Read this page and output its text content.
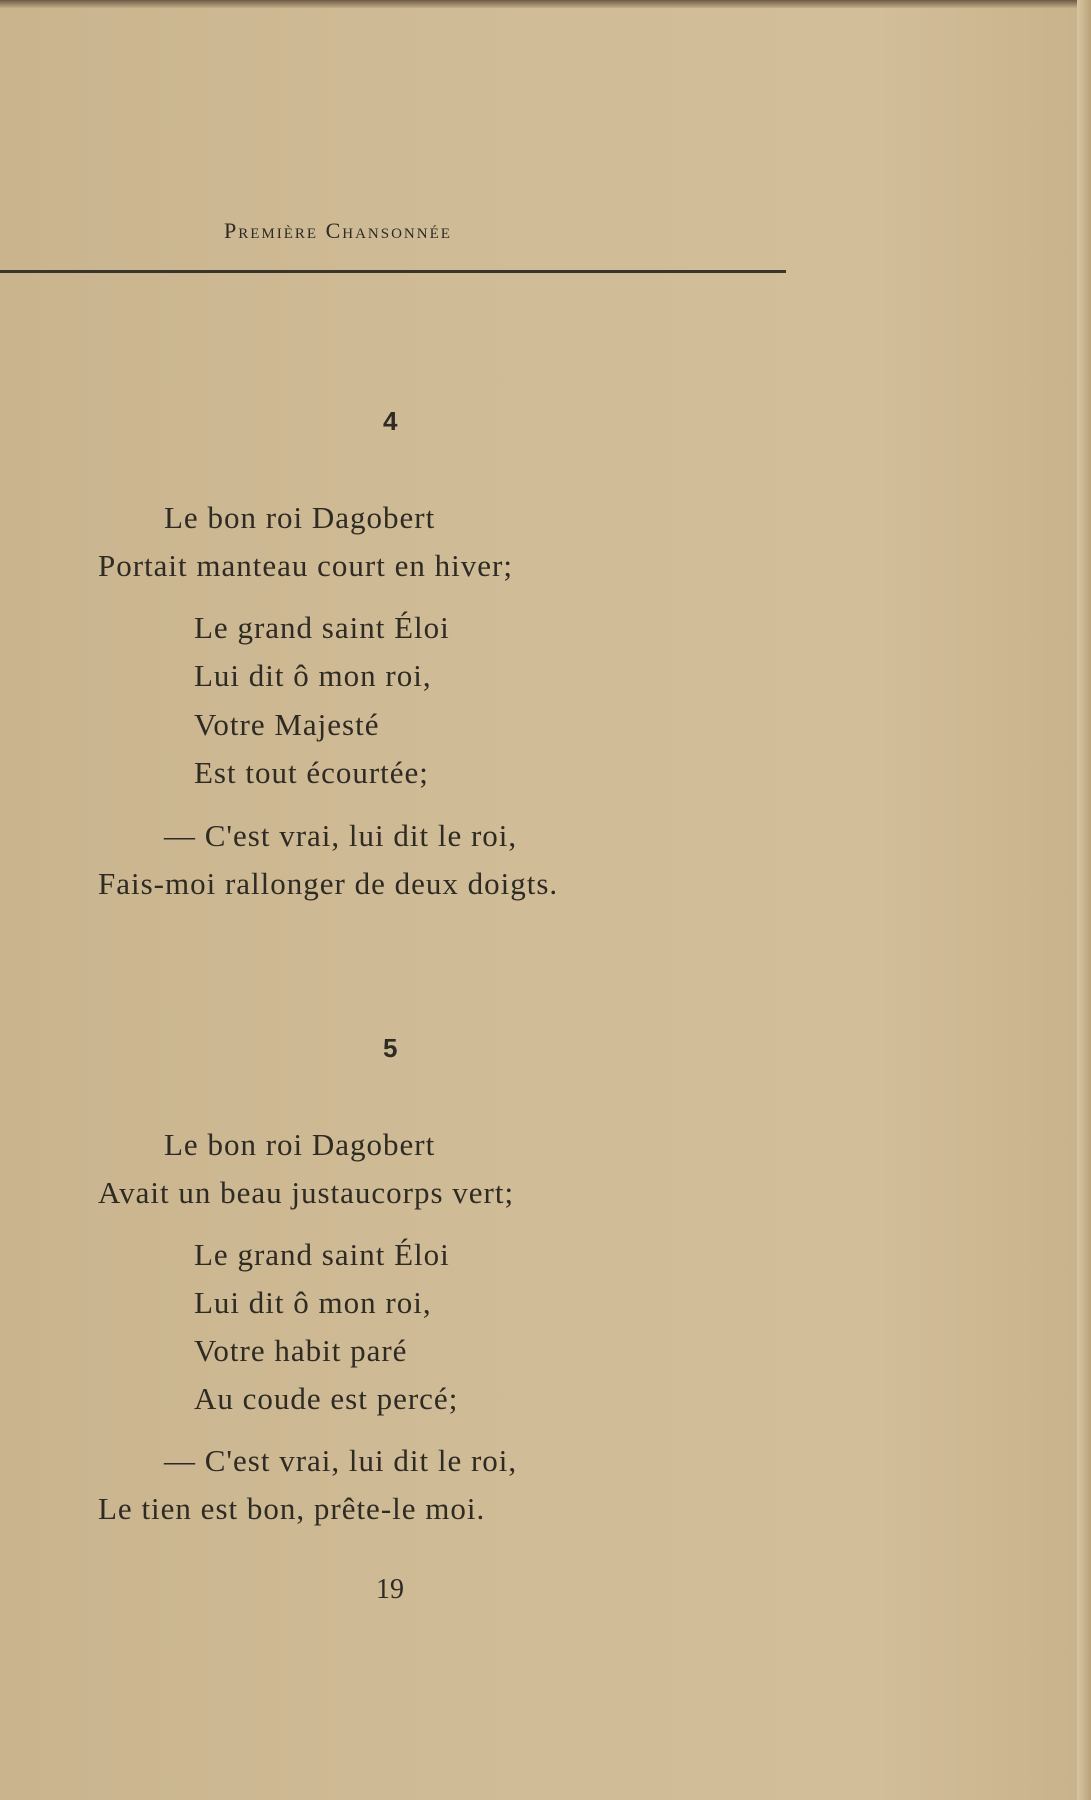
Première Chansonnée
4
Le bon roi Dagobert
Portait manteau court en hiver;
Le grand saint Éloi
Lui dit ô mon roi,
Votre Majesté
Est tout écourtée;
— C'est vrai, lui dit le roi,
Fais-moi rallonger de deux doigts.
5
Le bon roi Dagobert
Avait un beau justaucorps vert;
Le grand saint Éloi
Lui dit ô mon roi,
Votre habit paré
Au coude est percé;
— C'est vrai, lui dit le roi,
Le tien est bon, prête-le moi.
19
